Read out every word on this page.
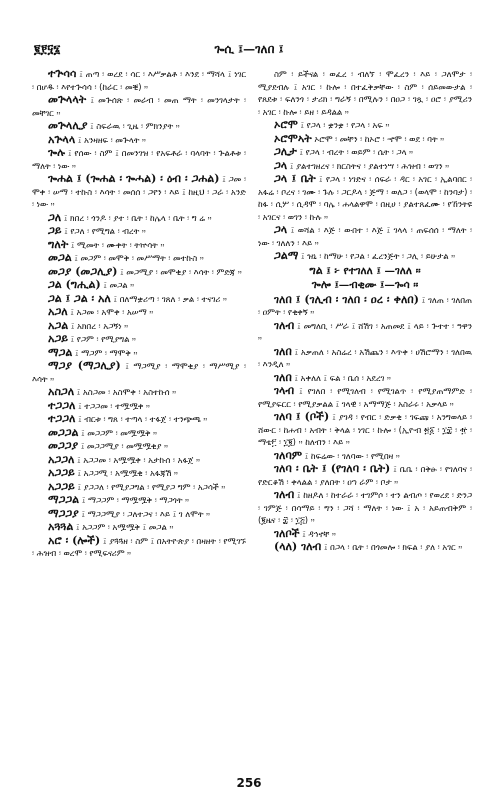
፪፻፶፮	ጐሲ ፤—ገለበ ፤

ተጕሳሳ ፤ ጠጣ ፡ ወረደ ፡ ሳር ፡ እሥቃልቶ ፡ እንደ ፡ ማሻላ ፤ ነገር ፡ በሆዱ ፡ እየተጕሳሳ ፡ (ከራር ፡ መቒ) ።

መጕላላት ፤ መጕሰጽ ፡ መራብ ፡ መጠ ማት ፡ መንገላታት ፡ መቸገር ።

መጕላሊያ ፤ ስፍራዉ ፡ ጊዜ ፡ ምክንያት ።

አጕላላ ፤ አንዛዘፍ ፡ መጕላት ።

ጐሉ ፤ የሰው ፡ ስም ፤ በመንገዝ ፡ የአፍቶራ ፡ ባላባት ፡ ጕልቶቱ ፡ ማለት ፡ ነው ።

ጐሐል ፤ (ጐሐል ፡ ጐሓል) ፡ ዕብ ፡ ጋሐል) ፤ ጋመ ፡ ሞቀ ፡ ሠማ ፡ ተኩስ ፡ እሳት ፡ መሰሰ ፡ ጋየን ፡ እይ ፤ ከዚህ ፡ ጋራ ፡ አንድ ፡ ነው ።

ጋለ ፤ ክበረ ፡ ጎንዶ ፡ ያተ ፡ ቤት ፡ ከሌላ ፡ ቤት ፡ ግ ሬ ።

ጋይ ፤ የጋለ ፡ የሚግል ፡ ብረት ።

ግለት ፤ ሚመት ፡ ሙቀት ፡ ትኵሳት ።

መጋል ፤ መጋም ፡ መሞቅ ፡ መሥማት ፡ መተኩስ ።

መጋያ (መጋሊያ) ፤ መጋሚያ ፡ መሞቂያ ፡ እሳት ፡ ምድጃ ።

ጋል (ግሒል) ፤ መጋል ።

ጋል ፤ ጋል ፡ አለ ፤ በለማቋሪጣ ፡ ገጸለ ፡ ቃል ፡ ተናገሪ ።

አጋለ ፤ አጋመ ፡ አሞቀ ፡ አሠማ ።

አጋል ፤ አክበረ ፡ አጋኝነ ።

አጋይ ፤ የጋም ፡ የሚያግል ።

ማጋል ፤ ማጋም ፡ ማሞቅ ።

ማጋያ (ማጋሊያ) ፤ ማጋሚያ ፡ ማሞቂያ ፡ ማሥሚያ ፡ እሳት ።

አስጋለ ፤ አስጋመ ፡ አስሞቀ ፡ አስተኩሰ ።

ተጋጋለ ፤ ተጋጋመ ፡ ተሟሟቀ ።

ተጋጋለ ፤ ብርቱ ፡ ግጸ ፡ ተጣላ ፡ ተፋጀ ፡ ተንጭጫ ።

መጋጋል ፤ መጋጋም ፡ መሟሟቅ ።

መጋጋያ ፤ መጋጋሚያ ፡ መሟሟቂያ ።

አጋጋለ ፤ አጋጋመ ፡ አሟሟቀ ፡ አታኩሰ ፡ አፋጀ ።

አጋጋይ ፤ አጋጋሚ ፡ አሟሟቂ ፡ አፋጃሽ ።

አጋጋይ ፤ ያጋጋለ ፡ የሚያጋግል ፡ የሚያጋ ግም ፡ አጋሳች ።

ማጋጋል ፤ ማጋጋም ፡ ማሟሟቅ ፡ ማጋጎት ።

ማጋጋያ ፤ ማጋጋሚያ ፡ ጋለተጋና ፡ እይ ፤ ገ ለሞት ።

አጓጓል ፤ አጋጋም ፡ አሟሟቅ ፤ መጋል ።

አሮ ፡ (ሎች) ፤ ያጓጓዘ ፡ ስም ፤ በአትዮጵያ ፡ በዛዘት ፡ የሚገኙ ፡ ሕዝብ ፡ ወረሞ ፡ የሚፍናሪም ።

ስም ፡ ይችናል ፡ ወፈረ ፡ ብለኘ ፡ ሞፈረን ፡ እይ ፡ ጋለሞታ ፡ ሚያደብሉ ፤ አገር ፡ ኩሎ ፡ በተፈቅቃቸው ፡ ስም ፡ ሰይመውታል ፡ የጸደቱ ፡ ፍለንጎ ፡ ታሪክ ፡ ግራኝ ፡ በሚሉን ፡ በዐጋ ፡ ገጿ ፡ ዐሮ ፡ ያሚሪን ፡ አገር ፡ ኩሎ ፡ ይዘ ፡ ይዳልል ።

ኦሮሞ ፤ የጋላ ፡ ቋንቋ ፡ የጋላ ፡ አፍ ።

ኦሮሞኣት ኦሮሞ ፡ መቸን ፡ ከኦሮ ፡ ኆሞ ፡ ወደ ፡ ባት ።

ጋሊታ ፤ የጋላ ፡ ብረት ፡ ወይም ፡ ሴት ፡ ጋላ ።

ጋላ ፤ ያልተገዘረና ፡ ክርስትና ፡ ያልተነሣ ፡ ሕዝብ ፡ ወገን ።

ጋላ ፤ ቤት ፤ የጋላ ፡ ነገድና ፡ ሰፍራ ፡ ዳር ፡ አገር ፡ ኢልባበር ፡ አፋሬ ፡ ቦረና ፡ ገሙ ፡ ጉሉ ፡ ጋርዶላ ፡ ጅማ ፡ ወለጋ ፡ (ወላሞ ፡ ከንባታ) ፡ ከፋ ፡ ሲሦ ፡ ሲዳሞ ፡ ባሌ ፡ ሐላልዋሞ ፡ በዚሀ ፡ ያልተጸፈሙ ፡ የኸንትዩ ፡ አገርና ፡ ወገን ፡ ኩሉ ።

ጋላ ፤ ወሻል ፡ እጅ ፡ ውበተ ፡ እጅ ፤ ገላላ ፡ ጠፍሰሰ ፡ ማለት ፡ ነው ፡ ገለለን ፡ እይ ።

ጋልማ ፤ ዝኒ ፡ ከማሁ ፡ የጋል ፡ ፈረንጅት ፡ ጋሊ ፡ ይሁታል ።

ግል ፤ ፦ የተገለለ ፤ —ገለለ ።

ጐሎ ፤—ብቂሙ ፤—ጐሳ ።

ገለበ ፤ (ገሊብ ፡ ገለበ ፡ ዐረ ፡ ቀለበ) ፤ ገለጠ ፡ ገለበጠ ፡ ዐምት ፡ የቂቀኝ ።

ገለብ ፤ መግለቢ ፡ ሥራ ፤ ሸሽገ ፡ አጠመደ ፤ ላይ ፡ ጕተተ ፡ ዓዋን ።

ገለበ ፤ አቃጠለ ፡ አስሬረ ፡ አሽጨን ፡ እጥቀ ፡ ሀሽሮማን ፡ ገለበዉ ፡ እንዲለ ።

ገለበ ፤ አቀለለ ፤ ፍል ፡ ቤሰ ፡ አደረገ ።

ገላብ ፤ የገለበ ፡ የሚገለብ ፡ የሚገልጥ ፡ የሚያጠማምድ ፡ የሚያፍርር ፡ የሚያቃልል ፤ ገላዊ ፡ አማማጅ ፡ አስራሩ ፡ አቃላይ ።

ገለባ ፤ (ቦች) ፤ ያገዳ ፡ የብር ፡ ድቃቂ ፡ ገፍጩ ፡ አንግወላይ ፡ ሸውር ፡ ከሐብ ፡ አብት ፡ ቅላል ፡ ነገር ፡ ኩሎ ፡ (ኢዮብ ፳፩ ፡ ፲፰ ፡ ፹ ፡ ማቴ፫ ፡ ፲፪) ። ከለብን ፡ እይ ።

ገለባም ፤ ከፍሬው ፡ ገለባው ፡ የሚበዛ ።

ገለባ ፡ ቤት ፤ (የገለባ ፡ ቤት) ፤ ቤቤ ፡ በቅፁ ፡ የገለባና ፡ የድርቆሽ ፡ ቀላልል ፡ ያለበት ፡ ዐኀ ራም ፡ ቦታ ።

ገለብ ፤ ከዘዶለ ፡ ከተራራ ፡ ተገምሶ ፡ ተን ልብጦ ፡ የወረደ ፡ ድንጋ ፡ ገምጅ ፡ በሳማይ ፡ ግን ፡ ጋሻ ፡ ማለት ፡ ነው ፤ አ ፡ አይጠብቅም ፡ (፪ዜና ፡ ፰ ፡ ፲፭) ።

ገለቦች ፤ ዳኅኖቸ ።

(ላለ) ገለብ ፤ በጋላ ፡ ቤት ፡ በጎመሎ ፡ ክፍል ፡ ያለ ፡ አገር ።

256
